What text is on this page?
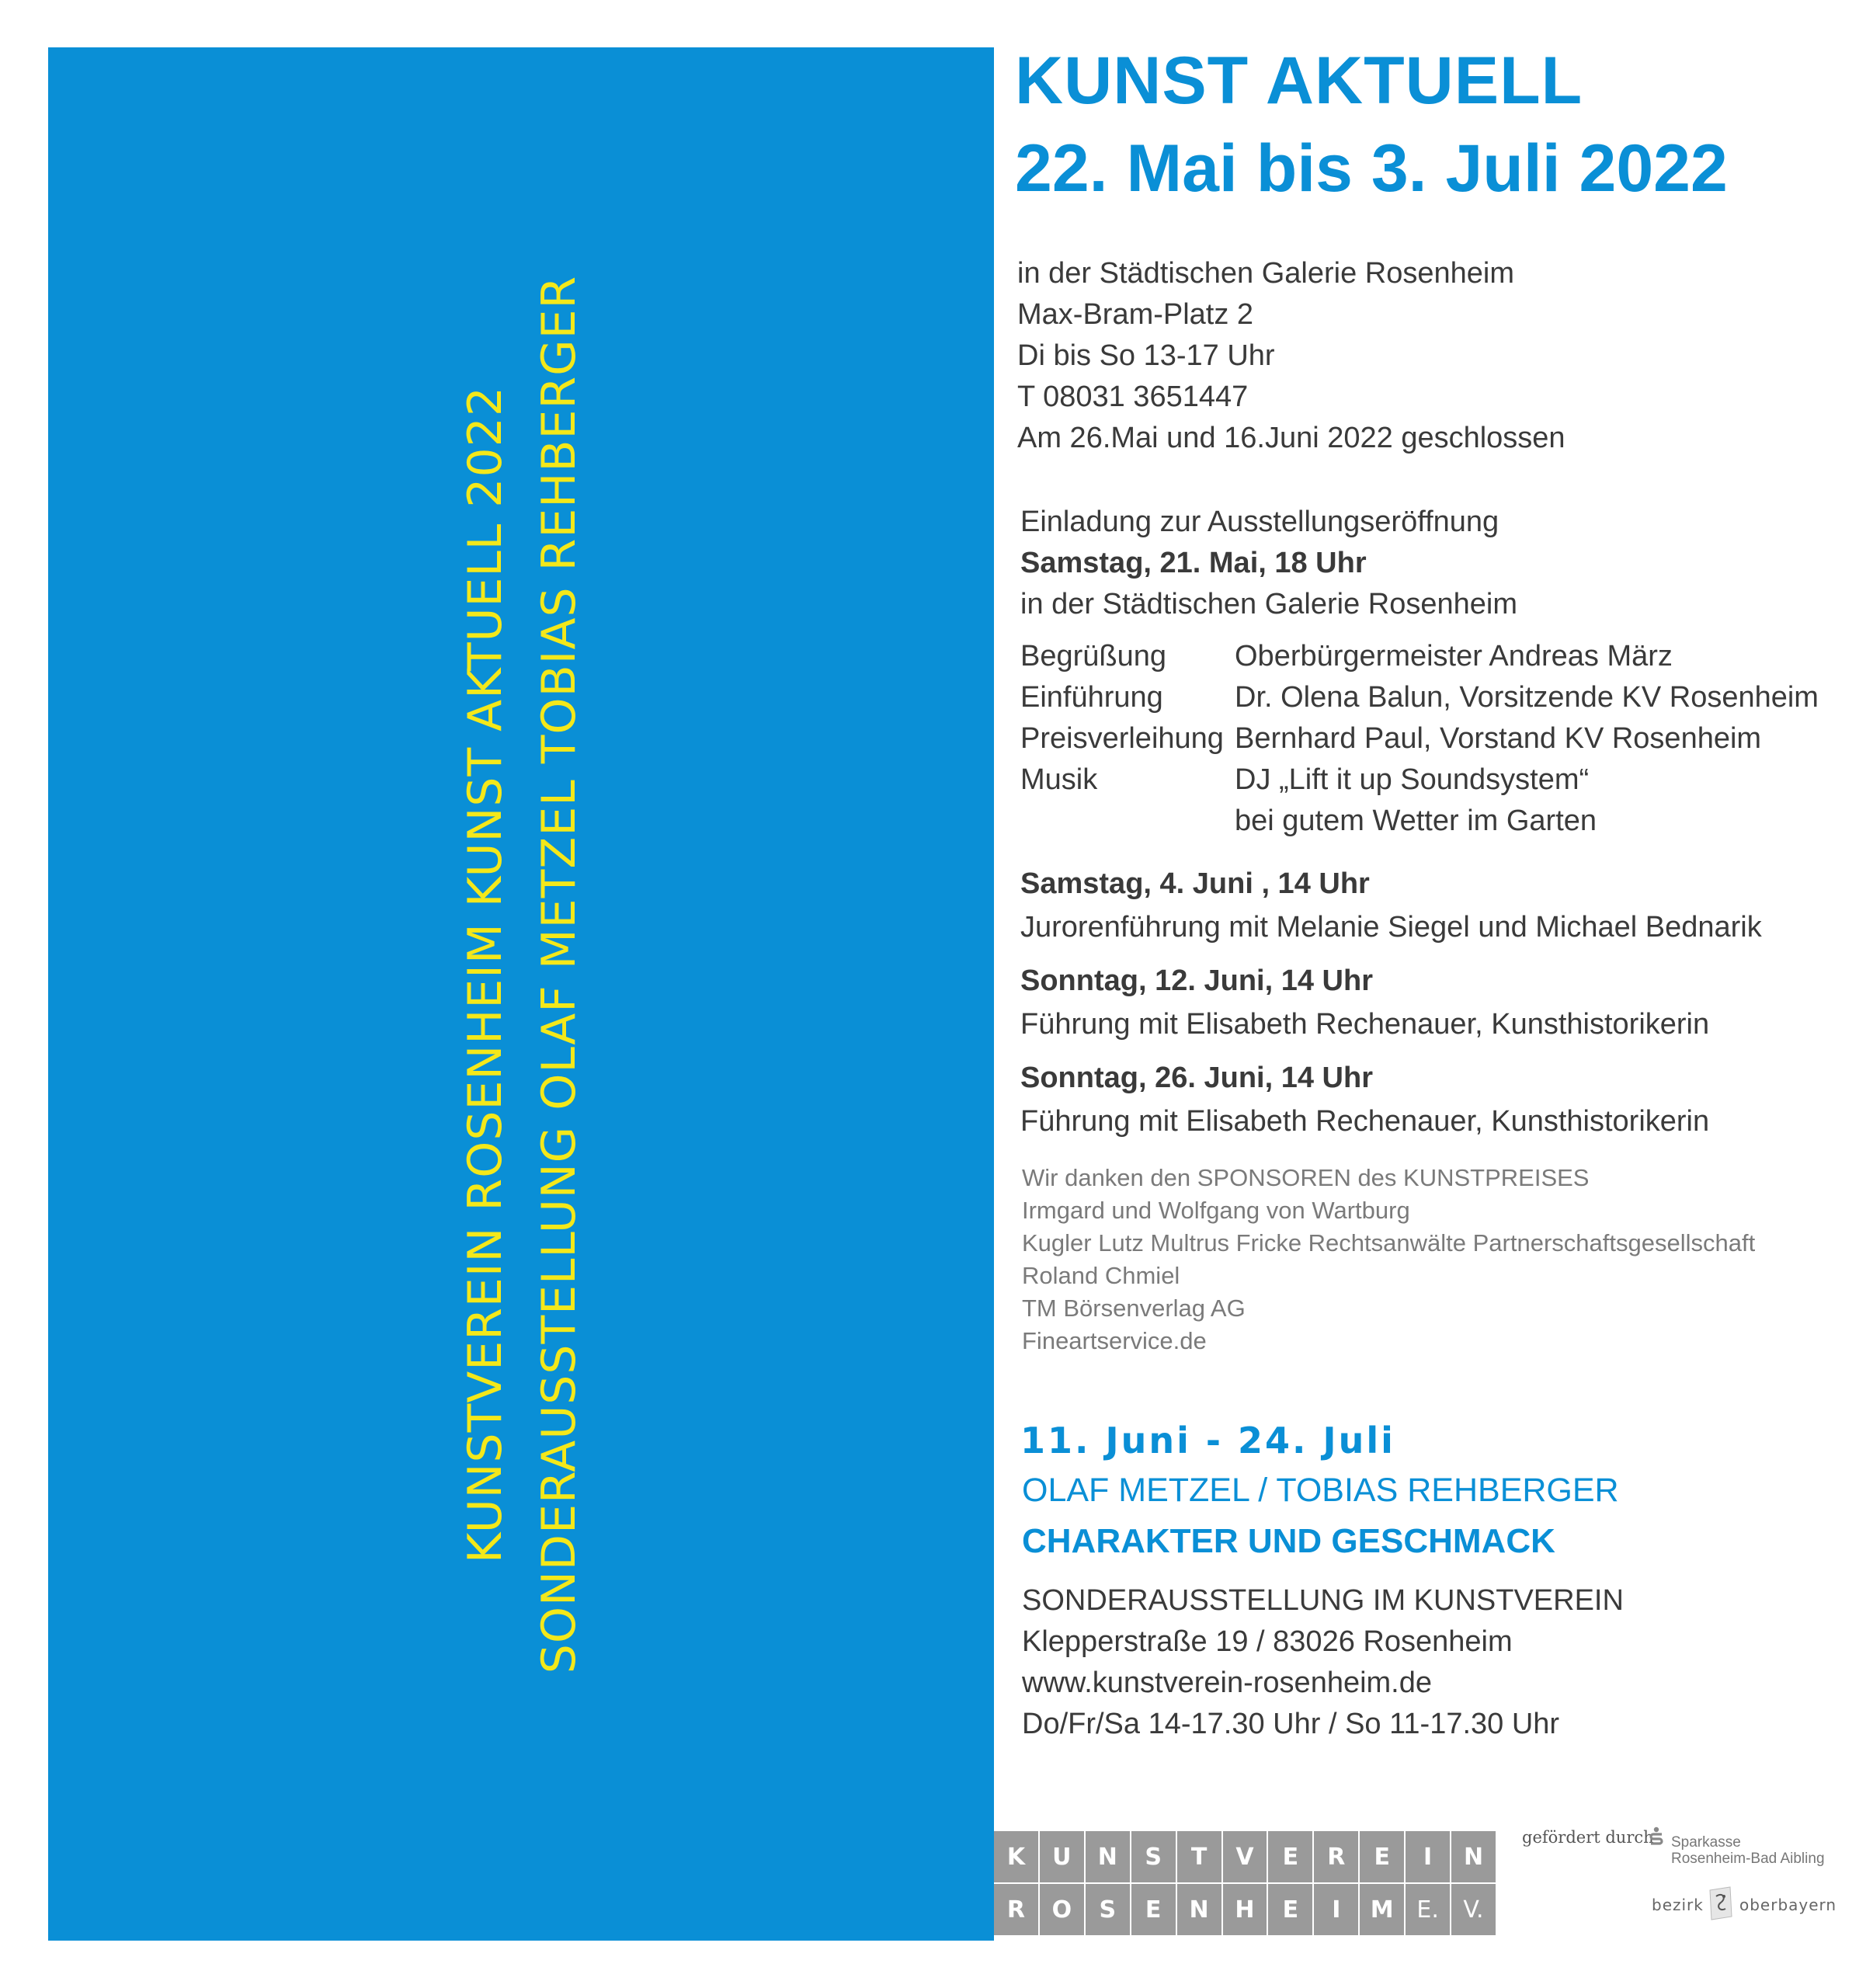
KUNSTVEREIN ROSENHEIM KUNST AKTUELL 2022 SONDERAUSSTELLUNG OLAF METZEL TOBIAS REHBERGER
KUNST AKTUELL
22. Mai bis 3. Juli 2022
in der Städtischen Galerie Rosenheim
Max-Bram-Platz 2
Di bis So 13-17 Uhr
T 08031 3651447
Am 26.Mai und 16.Juni 2022 geschlossen
Einladung zur Ausstellungseröffnung
Samstag, 21. Mai, 18 Uhr
in der Städtischen Galerie Rosenheim
Begrüßung	Oberbürgermeister Andreas März
Einführung	Dr. Olena Balun, Vorsitzende KV Rosenheim
Preisverleihung Bernhard Paul, Vorstand KV Rosenheim
Musik	DJ „Lift it up Soundsystem“
bei gutem Wetter im Garten
Samstag, 4. Juni , 14 Uhr
Jurorenführung mit Melanie Siegel und Michael Bednarik
Sonntag, 12. Juni, 14 Uhr
Führung mit Elisabeth Rechenauer, Kunsthistorikerin
Sonntag, 26. Juni, 14 Uhr
Führung mit Elisabeth Rechenauer, Kunsthistorikerin
Wir danken den SPONSOREN des KUNSTPREISES
Irmgard und Wolfgang von Wartburg
Kugler Lutz Multrus Fricke Rechtsanwälte Partnerschaftsgesellschaft
Roland Chmiel
TM Börsenverlag AG
Fineartservice.de
11. Juni - 24. Juli
OLAF METZEL / TOBIAS REHBERGER
CHARAKTER UND GESCHMACK
SONDERAUSSTELLUNG IM KUNSTVEREIN
Klepperstraße 19 / 83026 Rosenheim
www.kunstverein-rosenheim.de
Do/Fr/Sa 14-17.30 Uhr / So 11-17.30 Uhr
K	U	N	S	T	V	E	R	E	I	N
R	O	S	E	N	H	E	I	M E.	V.
gefördert durch Sparkasse
Rosenheim-Bad Aibling
bezirk oberbayern
